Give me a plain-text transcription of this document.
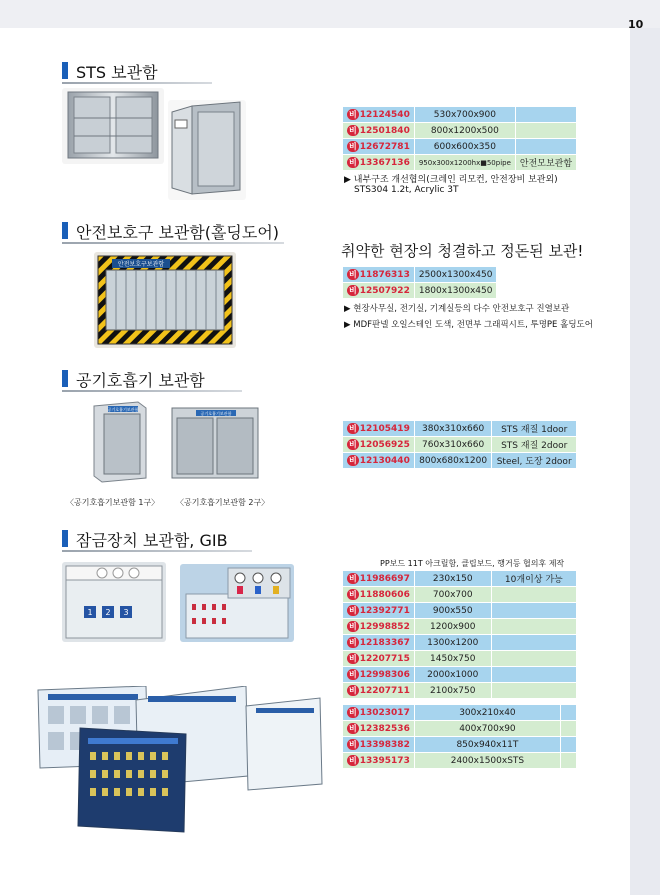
10
STS 보관함
비 12124540	530x700x900	
비 12501840	800x1200x500	
비 12672781	600x600x350	
비 13367136	950x300x1200hx■50pipe	안전모보관함
▶ 내부구조 개선협의(크레인 리모컨, 안전장비 보관외)
STS304 1.2t, Acrylic 3T
안전보호구 보관함(홀딩도어)
안전보호구보관함
취약한 현장의 청결하고 정돈된 보관!
비 11876313	2500x1300x450
비 12507922	1800x1300x450
▶ 현장사무실, 전기실, 기계실등의 다수 안전보호구 진열보관
▶ MDF판넬 오일스테인 도색, 전면부 그래픽시트, 투명PE 홀딩도어
공기호흡기 보관함
공기호흡기보관함
공기호흡기보관함
〈공기호흡기보관함 1구〉 〈공기호흡기보관함 2구〉
비 12105419	380x310x660	STS 재질 1door
비 12056925	760x310x660	STS 재질 2door
비 12130440	800x680x1200	Steel, 도장 2door
잠금장치 보관함, GIB
1 2 3
PP보드 11T 아크릴함, 클립보드, 행거등 협의후 제작
비 11986697	230x150	10개이상 가능
비 11880606	700x700	
비 12392771	900x550	
비 12998852	1200x900	
비 12183367	1300x1200	
비 12207715	1450x750	
비 12998306	2000x1000	
비 12207711	2100x750	
비 13023017	300x210x40	
비 12382536	400x700x90	
비 13398382	850x940x11T	
비 13395173	2400x1500xSTS	
